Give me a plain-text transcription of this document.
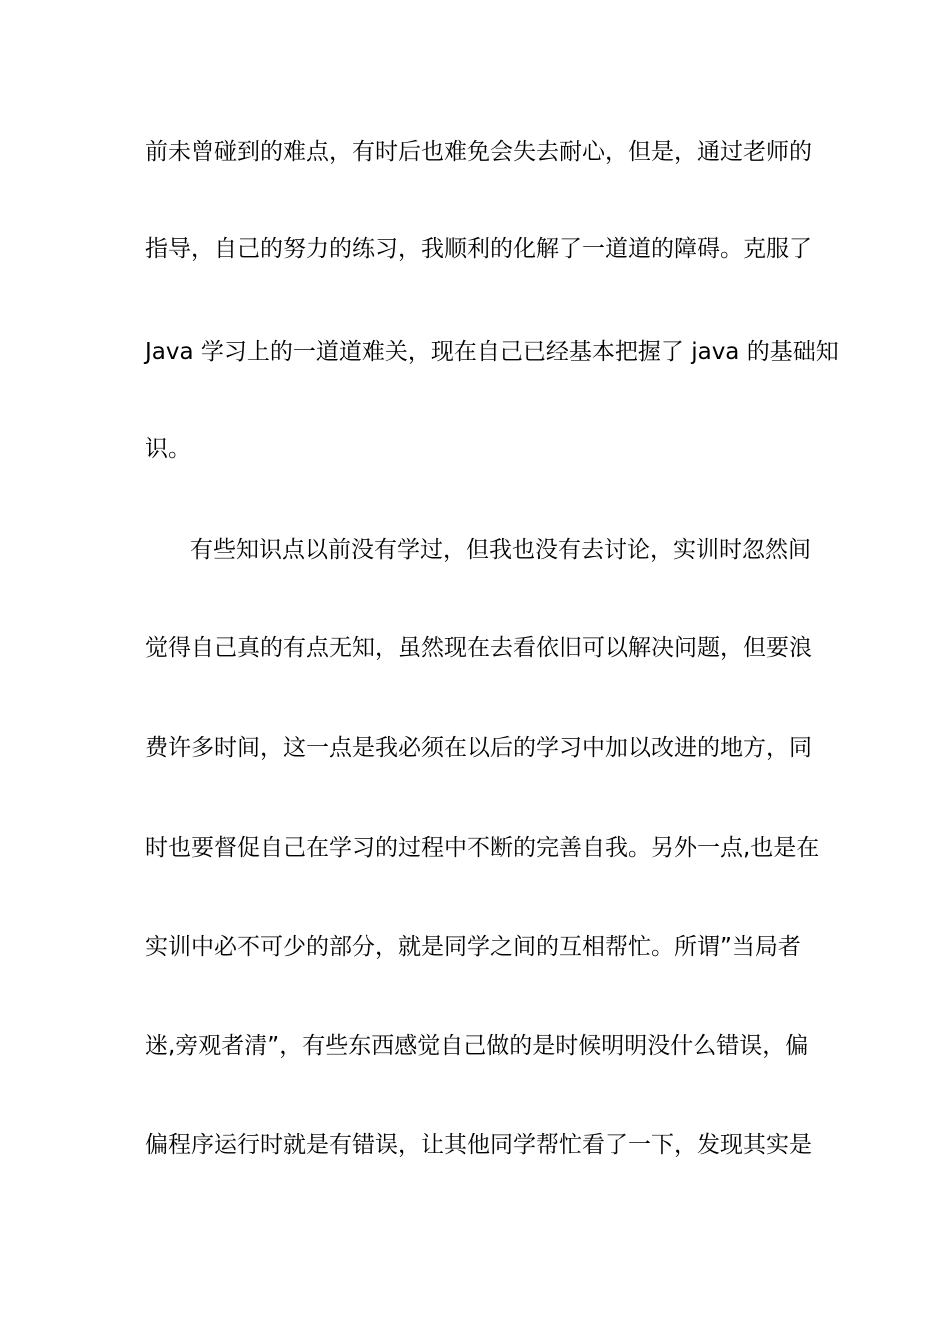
前未曾碰到的难点，有时后也难免会失去耐心，但是，通过老师的
指导，自己的努力的练习，我顺利的化解了一道道的障碍。克服了
Java 学习上的一道道难关，现在自己已经基本把握了 java 的基础知
识。
有些知识点以前没有学过，但我也没有去讨论，实训时忽然间
觉得自己真的有点无知，虽然现在去看依旧可以解决问题，但要浪
费许多时间，这一点是我必须在以后的学习中加以改进的地方，同
时也要督促自己在学习的过程中不断的完善自我。另外一点,也是在
实训中必不可少的部分，就是同学之间的互相帮忙。所谓”当局者
迷,旁观者清”，有些东西感觉自己做的是时候明明没什么错误，偏
偏程序运行时就是有错误，让其他同学帮忙看了一下，发现其实是
